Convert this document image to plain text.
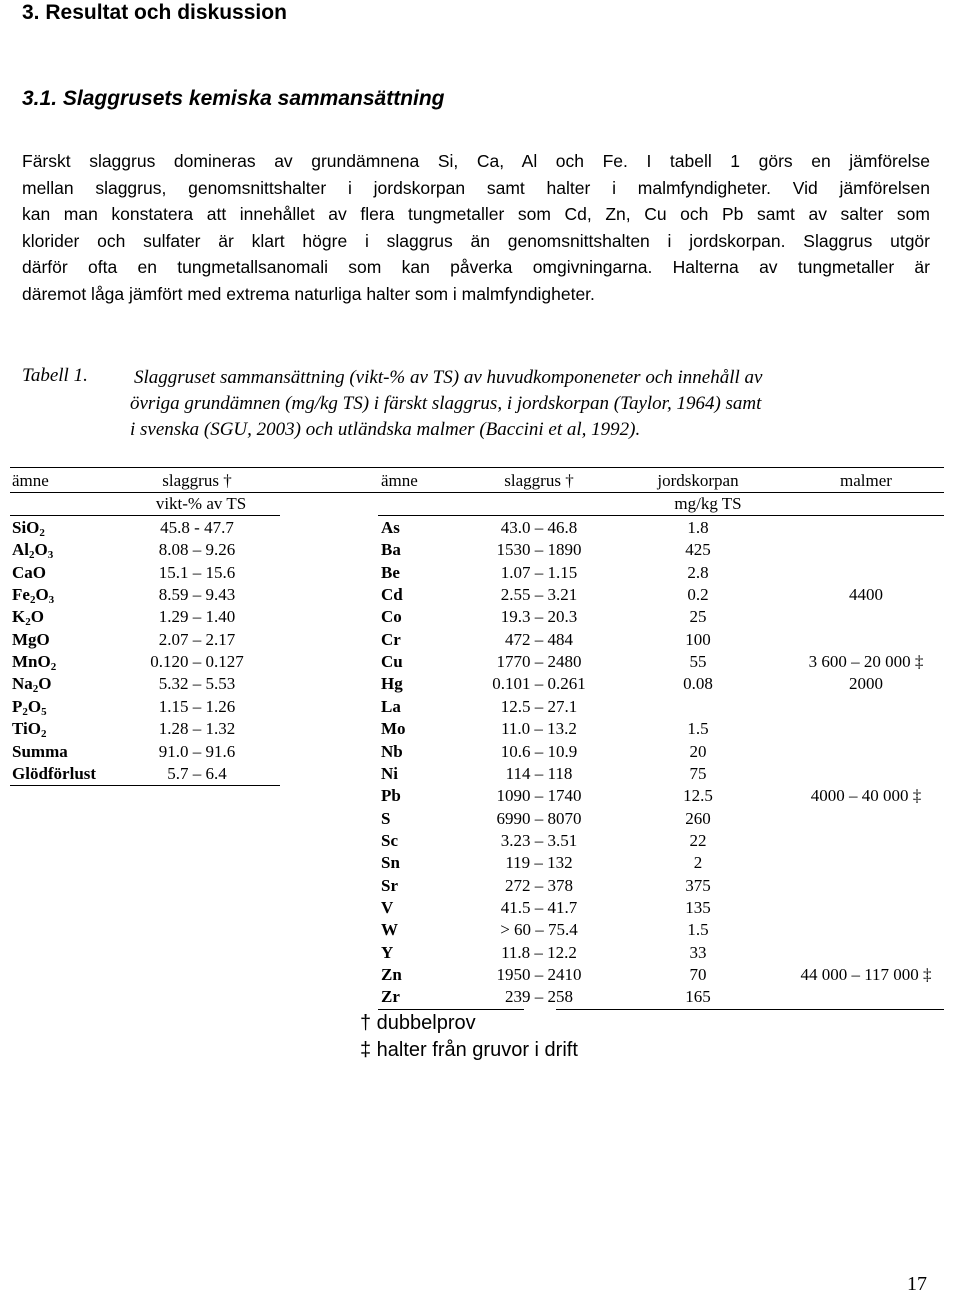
3. Resultat och diskussion
3.1. Slaggrusets kemiska sammansättning
Färskt slaggrus domineras av grundämnena Si, Ca, Al och Fe. I tabell 1 görs en jämförelse
mellan slaggrus, genomsnittshalter i jordskorpan samt halter i malmfyndigheter. Vid jämförelsen
kan man konstatera att innehållet av flera tungmetaller som Cd, Zn, Cu och Pb samt av salter som
klorider och sulfater är klart högre i slaggrus än genomsnittshalten i jordskorpan. Slaggrus utgör
därför ofta en tungmetallsanomali som kan påverka omgivningarna. Halterna av tungmetaller är
däremot låga jämfört med extrema naturliga halter som i malmfyndigheter.
Tabell 1. Slaggruset sammansättning (vikt-% av TS) av huvudkomponeneter och innehåll av
övriga grundämnen (mg/kg TS) i färskt slaggrus, i jordskorpan (Taylor, 1964) samt
i svenska (SGU, 2003) och utländska malmer (Baccini et al, 1992).
ämne	slaggrus †	ämne	slaggrus †	jordskorpan	malmer
vikt-% av TS	mg/kg TS
SiO$_2$	45.8 - 47.7
$Al_2O_3$	8.08 – 9.26
CaO	15.1 – 15.6
$Fe_2O_3$	8.59 – 9.43
$K_2O$	1.29 – 1.40
MgO	2.07 – 2.17
MnO$_2$	0.120 – 0.127
$Na_2O$	5.32 – 5.53
$P_2O_5$	1.15 – 1.26
TiO$_2$	1.28 – 1.32
Summa	91.0 – 91.6
Glödförlust	5.7 – 6.4
As	43.0 – 46.8	1.8
Ba	1530 – 1890	425
Be	1.07 – 1.15	2.8
Cd	2.55 – 3.21	0.2	4400
Co	19.3 – 20.3	25
Cr	472 – 484	100
Cu	1770 – 2480	55	3 600 – 20 000 ‡
Hg	0.101 – 0.261	0.08	2000
La	12.5 – 27.1
Mo	11.0 – 13.2	1.5
Nb	10.6 – 10.9	20
Ni	114 – 118	75
Pb	1090 – 1740	12.5	4000 – 40 000 ‡
S	6990 – 8070	260
Sc	3.23 – 3.51	22
Sn	119 – 132	2
Sr	272 – 378	375
V	41.5 – 41.7	135
W	> 60 – 75.4	1.5
Y	11.8 – 12.2	33
Zn	1950 – 2410	70	44 000 – 117 000 ‡
Zr	239 – 258	165
† dubbelprov
‡ halter från gruvor i drift
17
